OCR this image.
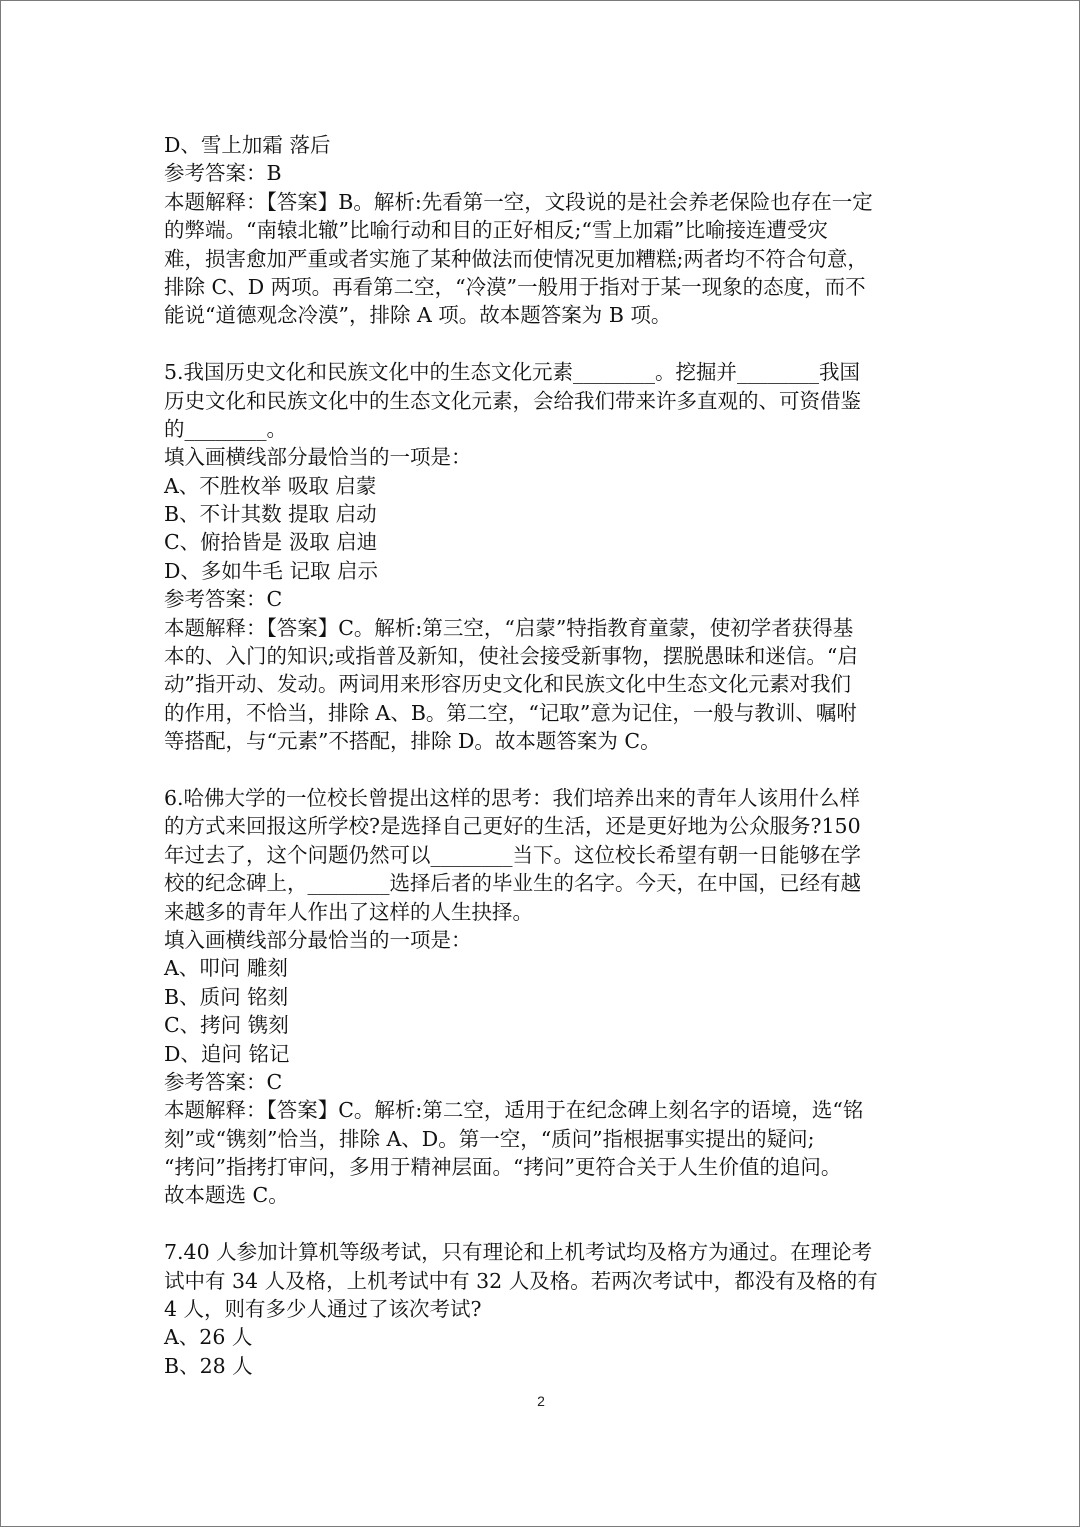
D、雪上加霜 落后
参考答案：B
本题解释：【答案】B。解析:先看第一空，文段说的是社会养老保险也存在一定
的弊端。“南辕北辙”比喻行动和目的正好相反;“雪上加霜”比喻接连遭受灾
难，损害愈加严重或者实施了某种做法而使情况更加糟糕;两者均不符合句意，
排除 C、D 两项。再看第二空，“冷漠”一般用于指对于某一现象的态度，而不
能说“道德观念冷漠”，排除 A 项。故本题答案为 B 项。
5.我国历史文化和民族文化中的生态文化元素________。挖掘并________我国
历史文化和民族文化中的生态文化元素，会给我们带来许多直观的、可资借鉴
的________。
填入画横线部分最恰当的一项是：
A、不胜枚举 吸取 启蒙
B、不计其数 提取 启动
C、俯拾皆是 汲取 启迪
D、多如牛毛 记取 启示
参考答案：C
本题解释：【答案】C。解析:第三空，“启蒙”特指教育童蒙，使初学者获得基
本的、入门的知识;或指普及新知，使社会接受新事物，摆脱愚昧和迷信。“启
动”指开动、发动。两词用来形容历史文化和民族文化中生态文化元素对我们
的作用，不恰当，排除 A、B。第二空，“记取”意为记住，一般与教训、嘱咐
等搭配，与“元素”不搭配，排除 D。故本题答案为 C。
6.哈佛大学的一位校长曾提出这样的思考：我们培养出来的青年人该用什么样
的方式来回报这所学校?是选择自己更好的生活，还是更好地为公众服务?150
年过去了，这个问题仍然可以________当下。这位校长希望有朝一日能够在学
校的纪念碑上，________选择后者的毕业生的名字。今天，在中国，已经有越
来越多的青年人作出了这样的人生抉择。
填入画横线部分最恰当的一项是：
A、叩问 雕刻
B、质问 铭刻
C、拷问 镌刻
D、追问 铭记
参考答案：C
本题解释：【答案】C。解析:第二空，适用于在纪念碑上刻名字的语境，选“铭
刻”或“镌刻”恰当，排除 A、D。第一空，“质问”指根据事实提出的疑问;
“拷问”指拷打审问，多用于精神层面。“拷问”更符合关于人生价值的追问。
故本题选 C。
7.40 人参加计算机等级考试，只有理论和上机考试均及格方为通过。在理论考
试中有 34 人及格，上机考试中有 32 人及格。若两次考试中，都没有及格的有
4 人，则有多少人通过了该次考试?
A、26 人
B、28 人
2
